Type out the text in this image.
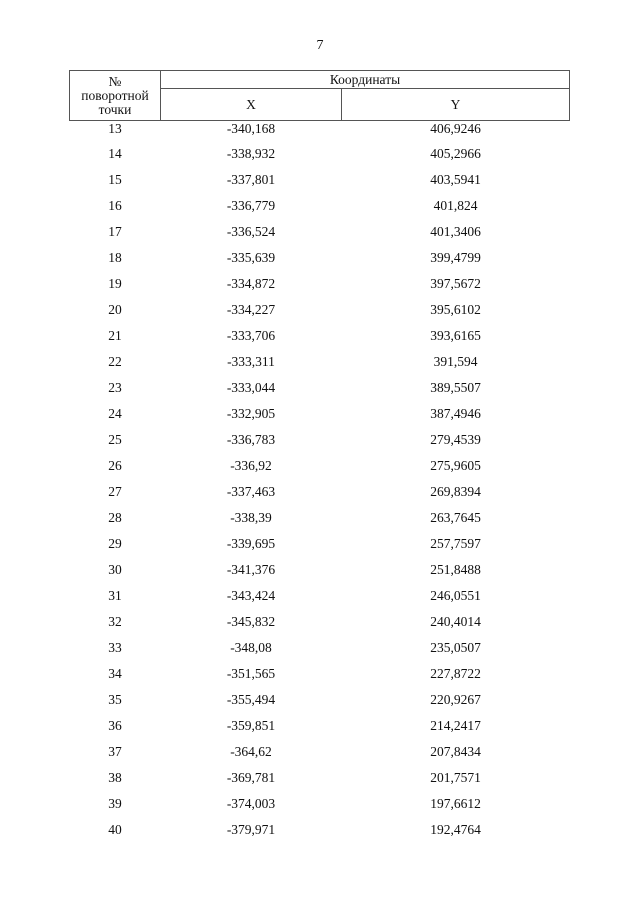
7
№
поворотной
точки	Координаты	
	X	Y
13	-340,168	406,9246
14	-338,932	405,2966
15	-337,801	403,5941
16	-336,779	401,824
17	-336,524	401,3406
18	-335,639	399,4799
19	-334,872	397,5672
20	-334,227	395,6102
21	-333,706	393,6165
22	-333,311	391,594
23	-333,044	389,5507
24	-332,905	387,4946
25	-336,783	279,4539
26	-336,92	275,9605
27	-337,463	269,8394
28	-338,39	263,7645
29	-339,695	257,7597
30	-341,376	251,8488
31	-343,424	246,0551
32	-345,832	240,4014
33	-348,08	235,0507
34	-351,565	227,8722
35	-355,494	220,9267
36	-359,851	214,2417
37	-364,62	207,8434
38	-369,781	201,7571
39	-374,003	197,6612
40	-379,971	192,4764
